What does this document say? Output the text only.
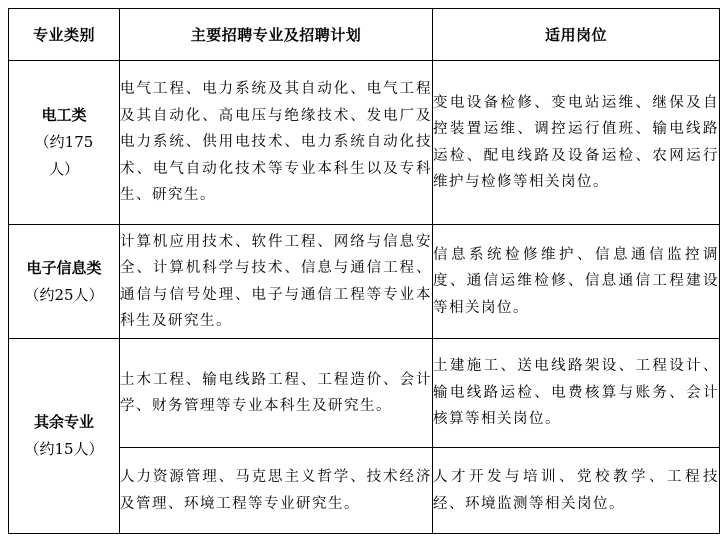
专业类别	主要招聘专业及招聘计划	适用岗位

电工类
（约175
人）	电气工程、电力系统及其自动化、电气工程及其自动化、高电压与绝缘技术、发电厂及电力系统、供用电技术、电力系统自动化技术、电气自动化技术等专业本科生以及专科生、研究生。	变电设备检修、变电站运维、继保及自控装置运维、调控运行值班、输电线路运检、配电线路及设备运检、农网运行维护与检修等相关岗位。

电子信息类
（约25人）	计算机应用技术、软件工程、网络与信息安全、计算机科学与技术、信息与通信工程、通信与信号处理、电子与通信工程等专业本科生及研究生。	信息系统检修维护、信息通信监控调度、通信运维检修、信息通信工程建设等相关岗位。

其余专业
（约15人）	土木工程、输电线路工程、工程造价、会计学、财务管理等专业本科生及研究生。	土建施工、送电线路架设、工程设计、输电线路运检、电费核算与账务、会计核算等相关岗位。
	人力资源管理、马克思主义哲学、技术经济及管理、环境工程等专业研究生。	人才开发与培训、党校教学、工程技经、环境监测等相关岗位。
